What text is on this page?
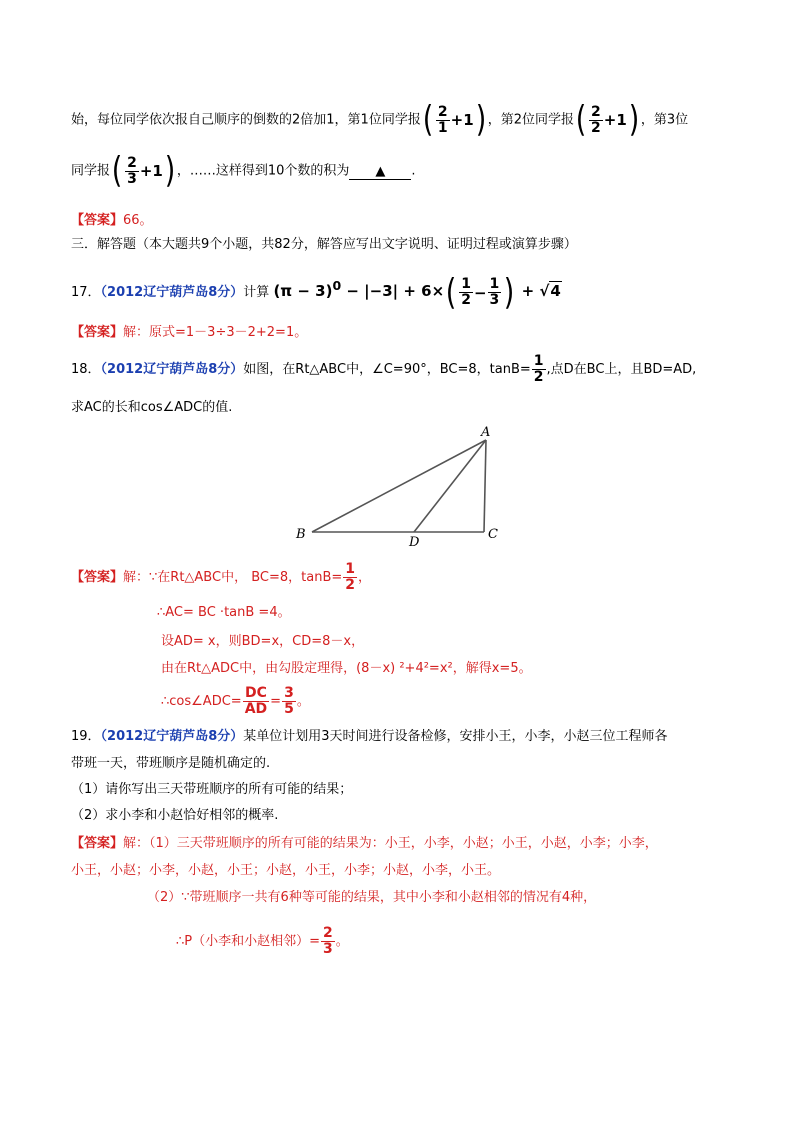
始，每位同学依次报自己顺序的倒数的2倍加1，第1位同学报( $\frac{2}{1} +1$) ，第2位同学报( $\frac{2}{2} +1$) ，第3位
同学报( $\frac{2}{3} +1$) ，……这样得到10个数的积为 ▲ .
【答案】66。
三．解答题（本大题共9个小题，共82分，解答应写出文字说明、证明过程或演算步骤）
17．（2012辽宁葫芦岛8分）计算 $(\pi - 3)^0 - |-3| + 6\times( \frac{1}{2} - \frac{1}{3}$ ) + √4
【答案】解：原式=1－3÷3－2+2=1。
18．（2012辽宁葫芦岛8分）如图，在Rt△ABC中，∠C=90°，BC=8，$\tan B= \frac{1}{2}$ ,点D在BC上，且BD=AD,
求AC的长和cos∠ADC的值.
A
B	C
D
【答案】解：∵在Rt△ABC中， BC=8，$\tan B= \frac{1}{2}$ ，
∴AC= BC ·tanB =4。
设AD= x，则BD=x，CD=8－x，
由在Rt△ADC中，由勾股定理得，(8－x) ²+4²=x²，解得x=5。
∴cos∠ADC= $\frac{DC}{AD} = \frac{3}{5}$ 。
19．（2012辽宁葫芦岛8分）某单位计划用3天时间进行设备检修，安排小王，小李，小赵三位工程师各
带班一天，带班顺序是随机确定的.
（1）请你写出三天带班顺序的所有可能的结果；
（2）求小李和小赵恰好相邻的概率.
【答案】解：（1）三天带班顺序的所有可能的结果为：小王，小李，小赵；小王，小赵，小李；小李，
小王，小赵；小李，小赵，小王；小赵，小王，小李；小赵，小李，小王。
（2）∵带班顺序一共有6种等可能的结果，其中小李和小赵相邻的情况有4种，
∴P（小李和小赵相邻）= $\frac{2}{3}$ 。
